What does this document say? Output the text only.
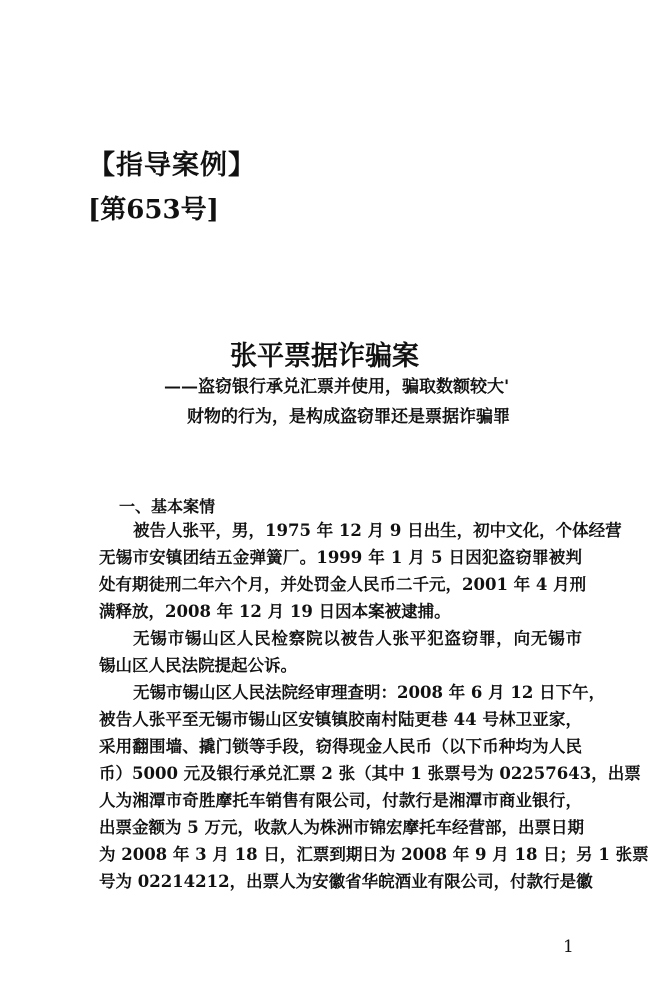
【指导案例】
[第653号]
张平票据诈骗案
——盗窃银行承兑汇票并使用，骗取数额较大'
财物的行为，是构成盗窃罪还是票据诈骗罪
一、基本案情
被告人张平，男，1975 年 12 月 9 日出生，初中文化，个体经营
无锡市安镇团结五金弹簧厂。1999 年 1 月 5 日因犯盗窃罪被判
处有期徒刑二年六个月，并处罚金人民币二千元，2001 年 4 月刑
满释放，2008 年 12 月 19 日因本案被逮捕。
无锡市锡山区人民检察院以被告人张平犯盗窃罪，向无锡市
锡山区人民法院提起公诉。
无锡市锡山区人民法院经审理查明：2008 年 6 月 12 日下午，
被告人张平至无锡市锡山区安镇镇胶南村陆更巷 44 号林卫亚家，
采用翻围墙、撬门锁等手段，窃得现金人民币（以下币种均为人民
币）5000 元及银行承兑汇票 2 张（其中 1 张票号为 02257643，出票
人为湘潭市奇胜摩托车销售有限公司，付款行是湘潭市商业银行，
出票金额为 5 万元，收款人为株洲市锦宏摩托车经营部，出票日期
为 2008 年 3 月 18 日，汇票到期日为 2008 年 9 月 18 日；另 1 张票
号为 02214212，出票人为安徽省华皖酒业有限公司，付款行是徽
1
